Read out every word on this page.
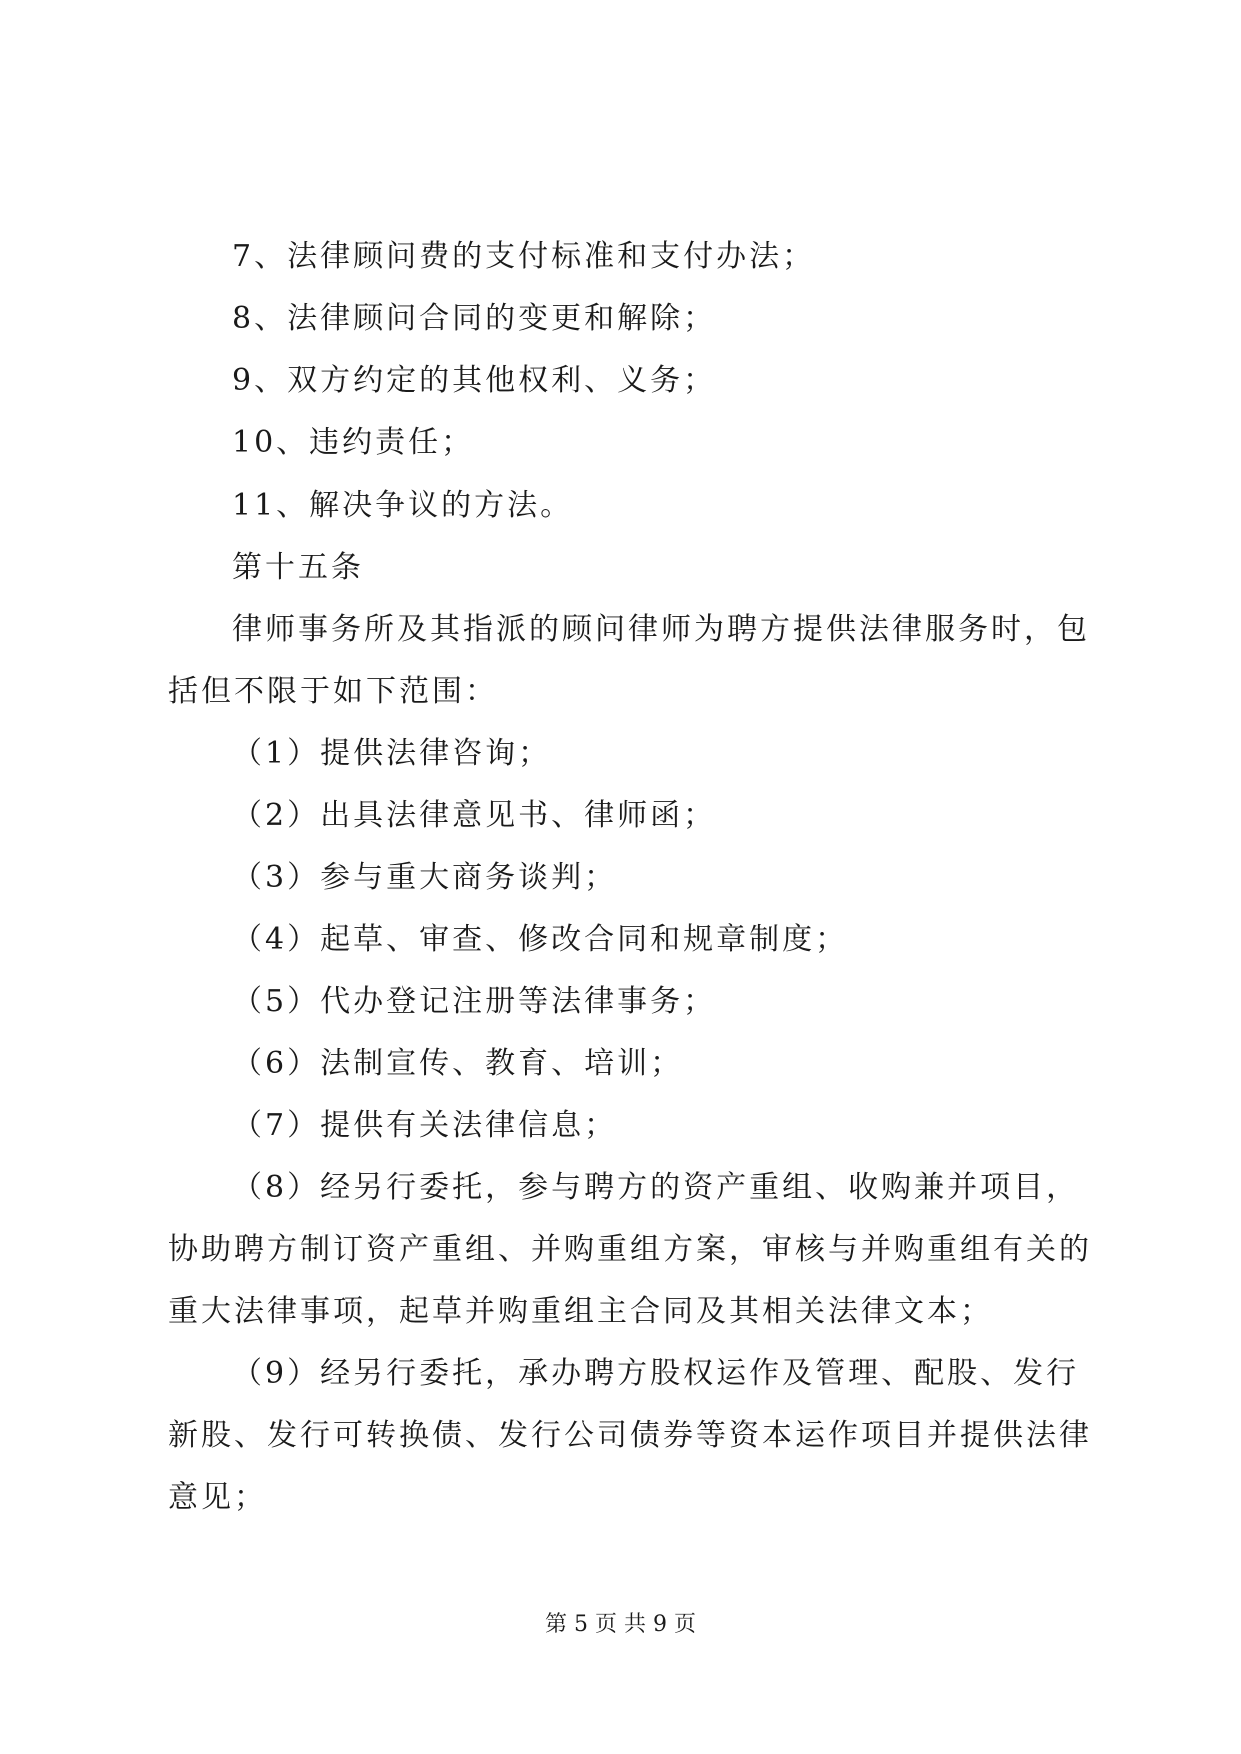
7、法律顾问费的支付标准和支付办法；
8、法律顾问合同的变更和解除；
9、双方约定的其他权利、义务；
10、违约责任；
11、解决争议的方法。
第十五条
律师事务所及其指派的顾问律师为聘方提供法律服务时，包
括但不限于如下范围：
（1）提供法律咨询；
（2）出具法律意见书、律师函；
（3）参与重大商务谈判；
（4）起草、审查、修改合同和规章制度；
（5）代办登记注册等法律事务；
（6）法制宣传、教育、培训；
（7）提供有关法律信息；
（8）经另行委托，参与聘方的资产重组、收购兼并项目，
协助聘方制订资产重组、并购重组方案，审核与并购重组有关的
重大法律事项，起草并购重组主合同及其相关法律文本；
（9）经另行委托，承办聘方股权运作及管理、配股、发行
新股、发行可转换债、发行公司债券等资本运作项目并提供法律
意见；
第 5 页 共 9 页
